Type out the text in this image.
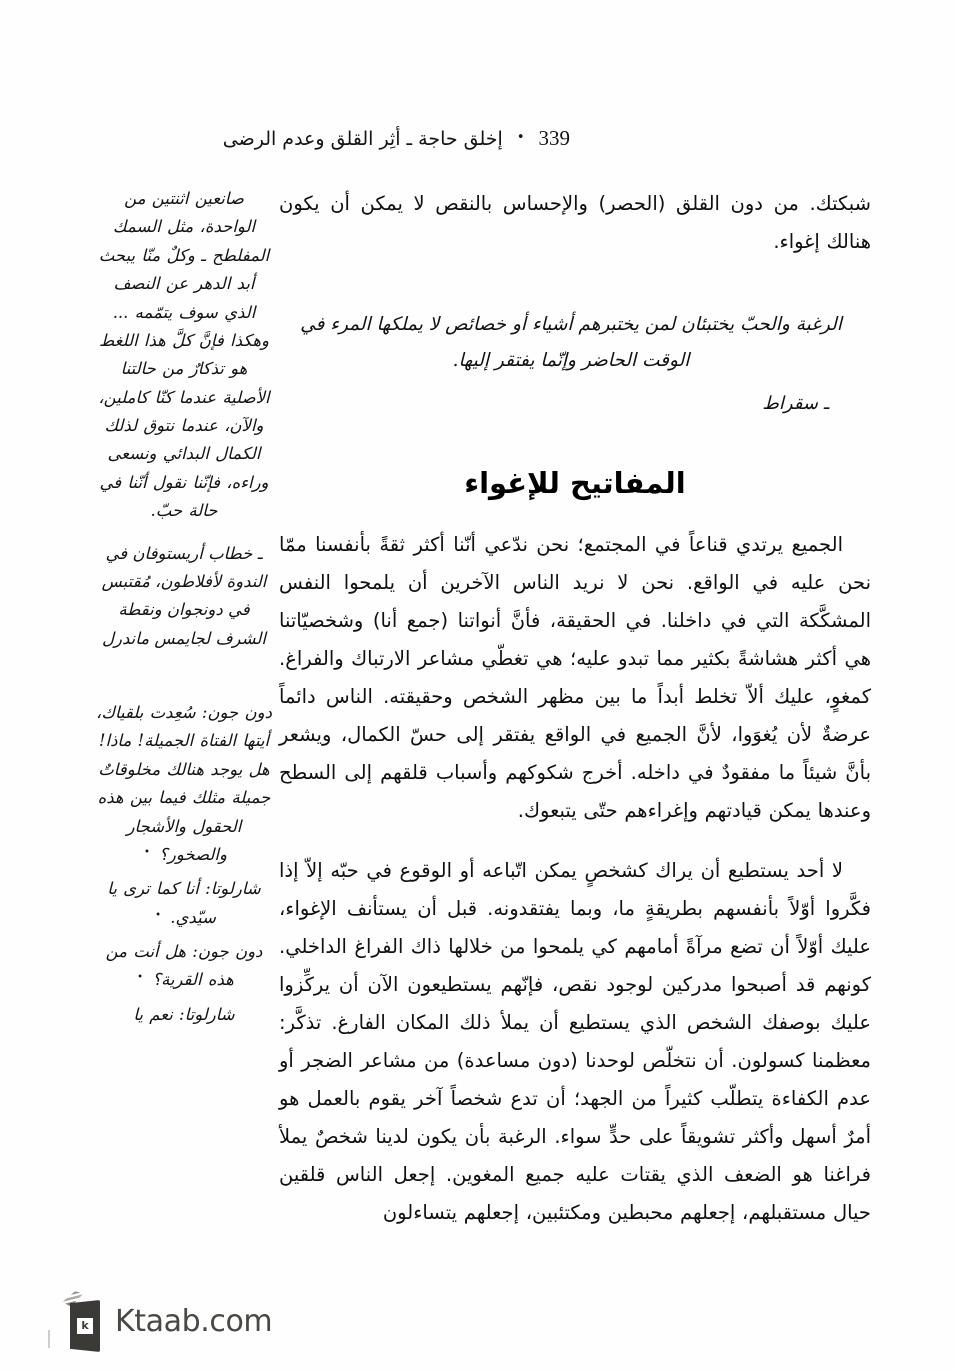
339
•
إخلق حاجة ـ أثِر القلق وعدم الرضى

صانعين اثنتين من الواحدة، مثل السمك المفلطح ـ وكلٌ منّا يبحث أبد الدهر عن النصف الذي سوف يتمّمه ... وهكذا فإنَّ كلَّ هذا اللغط هو تذكارٌ من حالتنا الأصلية عندما كنّا كاملين، والآن، عندما نتوق لذلك الكمال البدائي ونسعى وراءه، فإنّنا نقول أنّنا في حالة حبّ.

ـ خطاب أريستوفان في الندوة لأفلاطون، مُقتبس في دونجوان ونقطة الشرف لجايمس ماندرل

دون جون: سُعِدت بلقياك، أيتها الفتاة الجميلة! ماذا! هل يوجد هنالك مخلوقاتٌ جميلة مثلك فيما بين هذه الحقول والأشجار والصخور؟ •

شارلوتا: أنا كما ترى يا سيّدي. •

دون جون: هل أنت من هذه القرية؟ •

شارلوتا: نعم يا

شبكتك. من دون القلق (الحصر) والإحساس بالنقص لا يمكن أن يكون هنالك إغواء.

الرغبة والحبّ يختبئان لمن يختبرهم أشياء أو خصائص لا يملكها المرء في الوقت الحاضر وإنّما يفتقر إليها.

ـ سقراط

المفاتيح للإغواء

الجميع يرتدي قناعاً في المجتمع؛ نحن ندّعي أنّنا أكثر ثقةً بأنفسنا ممّا نحن عليه في الواقع. نحن لا نريد الناس الآخرين أن يلمحوا النفس المشكَّكة التي في داخلنا. في الحقيقة، فأنَّ أنواتنا (جمع أنا) وشخصيّاتنا هي أكثر هشاشةً بكثير مما تبدو عليه؛ هي تغطّي مشاعر الارتباك والفراغ. كمغوٍ، عليك ألاّ تخلط أبداً ما بين مظهر الشخص وحقيقته. الناس دائماً عرضةٌ لأن يُغوَوا، لأنَّ الجميع في الواقع يفتقر إلى حسّ الكمال، ويشعر بأنَّ شيئاً ما مفقودٌ في داخله. أخرج شكوكهم وأسباب قلقهم إلى السطح وعندها يمكن قيادتهم وإغراءهم حتّى يتبعوك.

لا أحد يستطيع أن يراك كشخصٍ يمكن اتّباعه أو الوقوع في حبّه إلاّ إذا فكَّروا أوّلاً بأنفسهم بطريقةٍ ما، وبما يفتقدونه. قبل أن يستأنف الإغواء، عليك أوّلاً أن تضع مرآةً أمامهم كي يلمحوا من خلالها ذاك الفراغ الداخلي. كونهم قد أصبحوا مدركين لوجود نقص، فإنّهم يستطيعون الآن أن يركِّزوا عليك بوصفك الشخص الذي يستطيع أن يملأ ذلك المكان الفارغ. تذكَّر: معظمنا كسولون. أن نتخلّص لوحدنا (دون مساعدة) من مشاعر الضجر أو عدم الكفاءة يتطلّب كثيراً من الجهد؛ أن تدع شخصاً آخر يقوم بالعمل هو أمرٌ أسهل وأكثر تشويقاً على حدٍّ سواء. الرغبة بأن يكون لدينا شخصٌ يملأ فراغنا هو الضعف الذي يقتات عليه جميع المغوين. إجعل الناس قلقين حيال مستقبلهم، إجعلهم محبطين ومكتئبين، إجعلهم يتساءلون

k Ktaab.com
